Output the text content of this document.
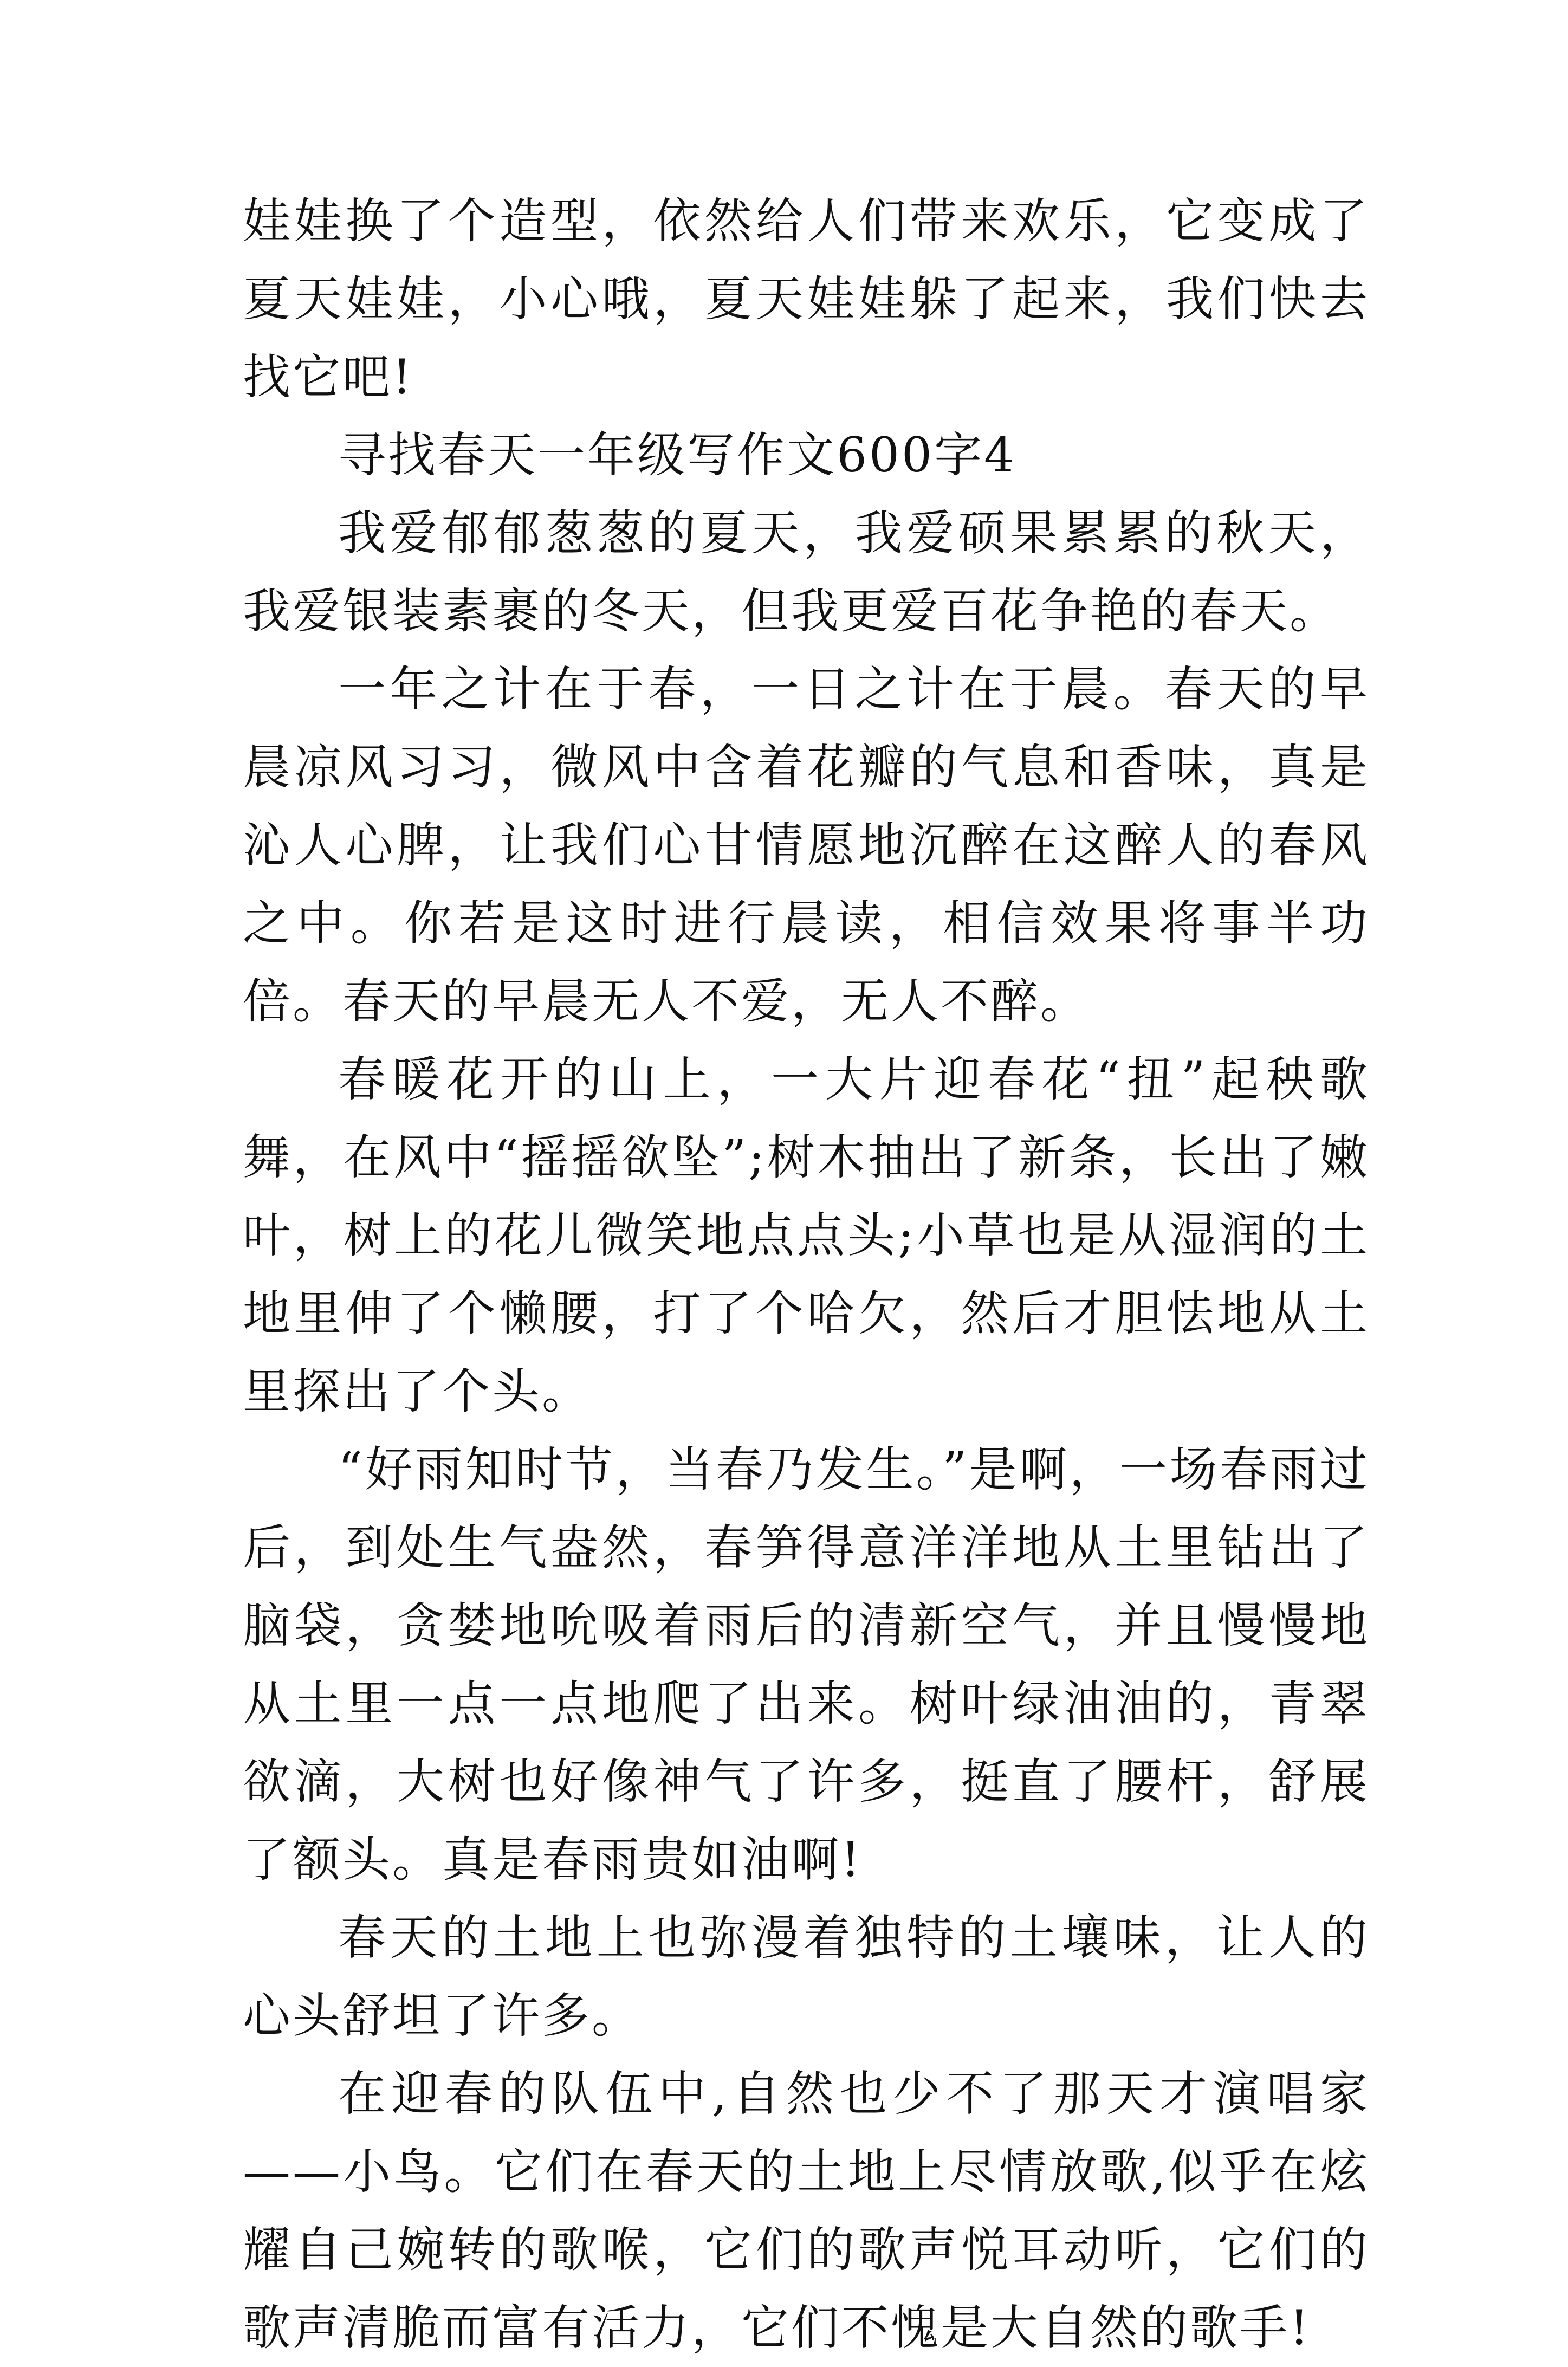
娃娃换了个造型，依然给人们带来欢乐，它变成了夏天娃娃，小心哦，夏天娃娃躲了起来，我们快去找它吧!

寻找春天一年级写作文600字4

我爱郁郁葱葱的夏天，我爱硕果累累的秋天，我爱银装素裹的冬天，但我更爱百花争艳的春天。

一年之计在于春，一日之计在于晨。春天的早晨凉风习习，微风中含着花瓣的气息和香味，真是沁人心脾，让我们心甘情愿地沉醉在这醉人的春风之中。你若是这时进行晨读，相信效果将事半功倍。春天的早晨无人不爱，无人不醉。

春暖花开的山上，一大片迎春花“扭”起秧歌舞，在风中“摇摇欲坠”;树木抽出了新条，长出了嫩叶，树上的花儿微笑地点点头;小草也是从湿润的土地里伸了个懒腰，打了个哈欠，然后才胆怯地从土里探出了个头。

“好雨知时节，当春乃发生。”是啊，一场春雨过后，到处生气盎然，春笋得意洋洋地从土里钻出了脑袋，贪婪地吮吸着雨后的清新空气，并且慢慢地从土里一点一点地爬了出来。树叶绿油油的，青翠欲滴，大树也好像神气了许多，挺直了腰杆，舒展了额头。真是春雨贵如油啊!

春天的土地上也弥漫着独特的土壤味，让人的心头舒坦了许多。

在迎春的队伍中,自然也少不了那天才演唱家——小鸟。它们在春天的土地上尽情放歌,似乎在炫耀自己婉转的歌喉，它们的歌声悦耳动听，它们的歌声清脆而富有活力，它们不愧是大自然的歌手!
